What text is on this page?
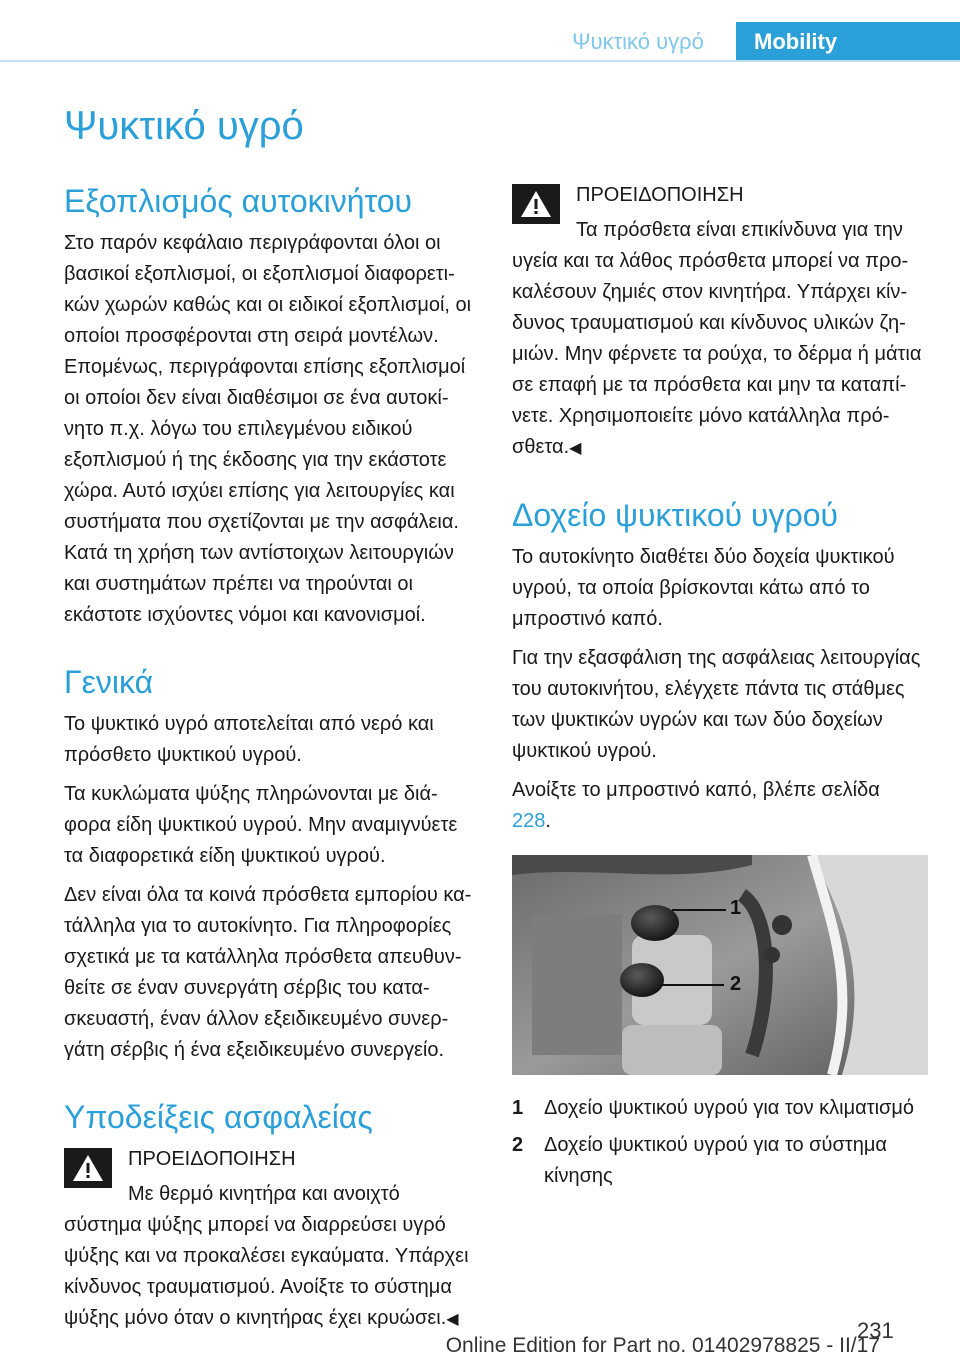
Ψυκτικό υγρό	Mobility
Ψυκτικό υγρό
Εξοπλισμός αυτοκινήτου

Στο παρόν κεφάλαιο περιγράφονται όλοι οι βασικοί εξοπλισμοί, οι εξοπλισμοί διαφορετικών χωρών καθώς και οι ειδικοί εξοπλισμοί, οι οποίοι προσφέρονται στη σειρά μοντέλων. Επομένως, περιγράφονται επίσης εξοπλισμοί οι οποίοι δεν είναι διαθέσιμοι σε ένα αυτοκίνητο π.χ. λόγω του επιλεγμένου ειδικού εξοπλισμού ή της έκδοσης για την εκάστοτε χώρα. Αυτό ισχύει επίσης για λειτουργίες και συστήματα που σχετίζονται με την ασφάλεια. Κατά τη χρήση των αντίστοιχων λειτουργιών και συστημάτων πρέπει να τηρούνται οι εκάστοτε ισχύοντες νόμοι και κανονισμοί.

Γενικά

Το ψυκτικό υγρό αποτελείται από νερό και πρόσθετο ψυκτικού υγρού.

Τα κυκλώματα ψύξης πληρώνονται με διάφορα είδη ψυκτικού υγρού. Μην αναμιγνύετε τα διαφορετικά είδη ψυκτικού υγρού.

Δεν είναι όλα τα κοινά πρόσθετα εμπορίου κατάλληλα για το αυτοκίνητο. Για πληροφορίες σχετικά με τα κατάλληλα πρόσθετα απευθυνθείτε σε έναν συνεργάτη σέρβις του κατασκευαστή, έναν άλλον εξειδικευμένο συνεργάτη σέρβις ή ένα εξειδικευμένο συνεργείο.

Υποδείξεις ασφαλείας

ΠΡΟΕΙΔΟΠΟΙΗΣΗ

Με θερμό κινητήρα και ανοιχτό σύστημα ψύξης μπορεί να διαρρεύσει υγρό ψύξης και να προκαλέσει εγκαύματα. Υπάρχει κίνδυνος τραυματισμού. Ανοίξτε το σύστημα ψύξης μόνο όταν ο κινητήρας έχει κρυώσει.◀

ΠΡΟΕΙΔΟΠΟΙΗΣΗ

Τα πρόσθετα είναι επικίνδυνα για την υγεία και τα λάθος πρόσθετα μπορεί να προκαλέσουν ζημιές στον κινητήρα. Υπάρχει κίνδυνος τραυματισμού και κίνδυνος υλικών ζημιών. Μην φέρνετε τα ρούχα, το δέρμα ή μάτια σε επαφή με τα πρόσθετα και μην τα καταπίνετε. Χρησιμοποιείτε μόνο κατάλληλα πρόσθετα.◀

Δοχείο ψυκτικού υγρού

Το αυτοκίνητο διαθέτει δύο δοχεία ψυκτικού υγρού, τα οποία βρίσκονται κάτω από το μπροστινό καπό.

Για την εξασφάλιση της ασφάλειας λειτουργίας του αυτοκινήτου, ελέγχετε πάντα τις στάθμες των ψυκτικών υγρών και των δύο δοχείων ψυκτικού υγρού.

Ανοίξτε το μπροστινό καπό, βλέπε σελίδα 228.

1
2
1	Δοχείο ψυκτικού υγρού για τον κλιματισμό
2	Δοχείο ψυκτικού υγρού για το σύστημα κίνησης
231
Online Edition for Part no. 01402978825 - II/17
